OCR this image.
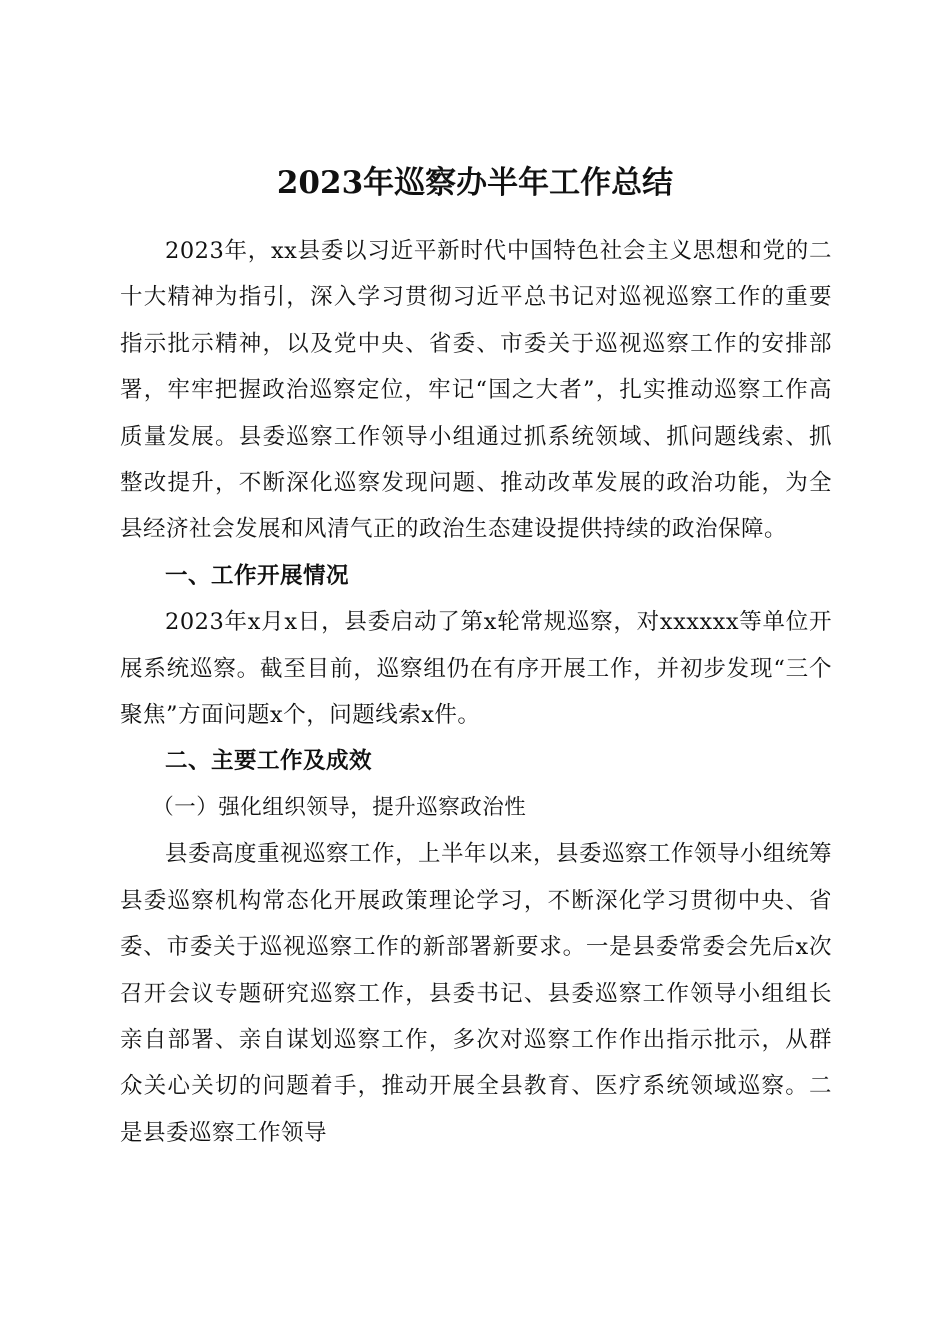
2023年巡察办半年工作总结

2023年，xx县委以习近平新时代中国特色社会主义思想和党的二十大精神为指引，深入学习贯彻习近平总书记对巡视巡察工作的重要指示批示精神，以及党中央、省委、市委关于巡视巡察工作的安排部署，牢牢把握政治巡察定位，牢记“国之大者”，扎实推动巡察工作高质量发展。县委巡察工作领导小组通过抓系统领域、抓问题线索、抓整改提升，不断深化巡察发现问题、推动改革发展的政治功能，为全县经济社会发展和风清气正的政治生态建设提供持续的政治保障。

一、工作开展情况

2023年x月x日，县委启动了第x轮常规巡察，对xxxxxx等单位开展系统巡察。截至目前，巡察组仍在有序开展工作，并初步发现“三个聚焦”方面问题x个，问题线索x件。

二、主要工作及成效
（一）强化组织领导，提升巡察政治性

县委高度重视巡察工作，上半年以来，县委巡察工作领导小组统筹县委巡察机构常态化开展政策理论学习，不断深化学习贯彻中央、省委、市委关于巡视巡察工作的新部署新要求。一是县委常委会先后x次召开会议专题研究巡察工作，县委书记、县委巡察工作领导小组组长亲自部署、亲自谋划巡察工作，多次对巡察工作作出指示批示，从群众关心关切的问题着手，推动开展全县教育、医疗系统领域巡察。二是县委巡察工作领导
